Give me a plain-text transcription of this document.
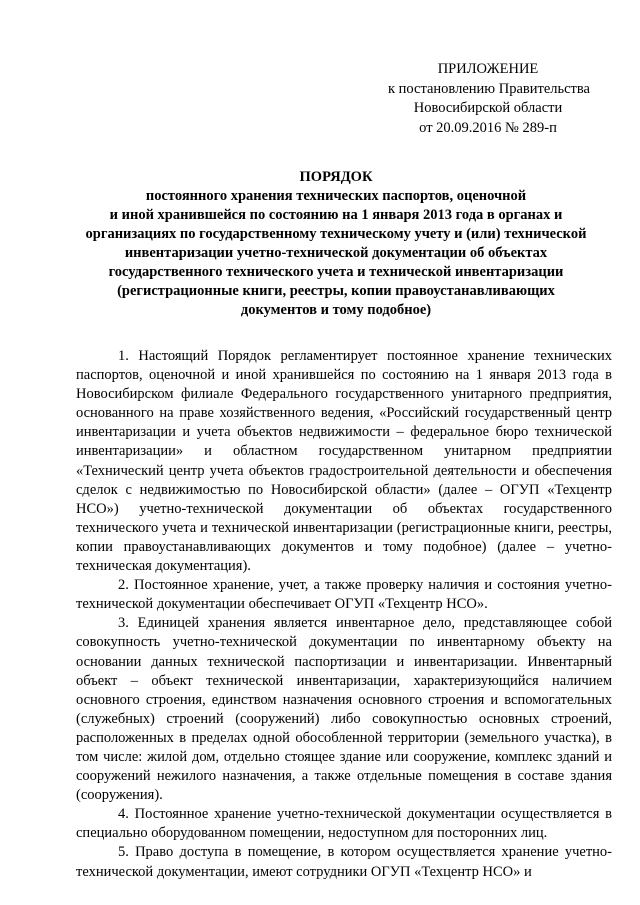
ПРИЛОЖЕНИЕ
к постановлению Правительства
Новосибирской области
от 20.09.2016 № 289-п
ПОРЯДОК
постоянного хранения технических паспортов, оценочной
и иной хранившейся по состоянию на 1 января 2013 года в органах и
организациях по государственному техническому учету и (или) технической
инвентаризации учетно-технической документации об объектах
государственного технического учета и технической инвентаризации
(регистрационные книги, реестры, копии правоустанавливающих
документов и тому подобное)

1. Настоящий Порядок регламентирует постоянное хранение технических паспортов, оценочной и иной хранившейся по состоянию на 1 января 2013 года в Новосибирском филиале Федерального государственного унитарного предприятия, основанного на праве хозяйственного ведения, «Российский государственный центр инвентаризации и учета объектов недвижимости – федеральное бюро технической инвентаризации» и областном государственном унитарном предприятии «Технический центр учета объектов градостроительной деятельности и обеспечения сделок с недвижимостью по Новосибирской области» (далее – ОГУП «Техцентр НСО») учетно-технической документации об объектах государственного технического учета и технической инвентаризации (регистрационные книги, реестры, копии правоустанавливающих документов и тому подобное) (далее – учетно-техническая документация).

2. Постоянное хранение, учет, а также проверку наличия и состояния учетно-технической документации обеспечивает ОГУП «Техцентр НСО».

3. Единицей хранения является инвентарное дело, представляющее собой совокупность учетно-технической документации по инвентарному объекту на основании данных технической паспортизации и инвентаризации. Инвентарный объект – объект технической инвентаризации, характеризующийся наличием основного строения, единством назначения основного строения и вспомогательных (служебных) строений (сооружений) либо совокупностью основных строений, расположенных в пределах одной обособленной территории (земельного участка), в том числе: жилой дом, отдельно стоящее здание или сооружение, комплекс зданий и сооружений нежилого назначения, а также отдельные помещения в составе здания (сооружения).

4. Постоянное хранение учетно-технической документации осуществляется в специально оборудованном помещении, недоступном для посторонних лиц.

5. Право доступа в помещение, в котором осуществляется хранение учетно-технической документации, имеют сотрудники ОГУП «Техцентр НСО» и
